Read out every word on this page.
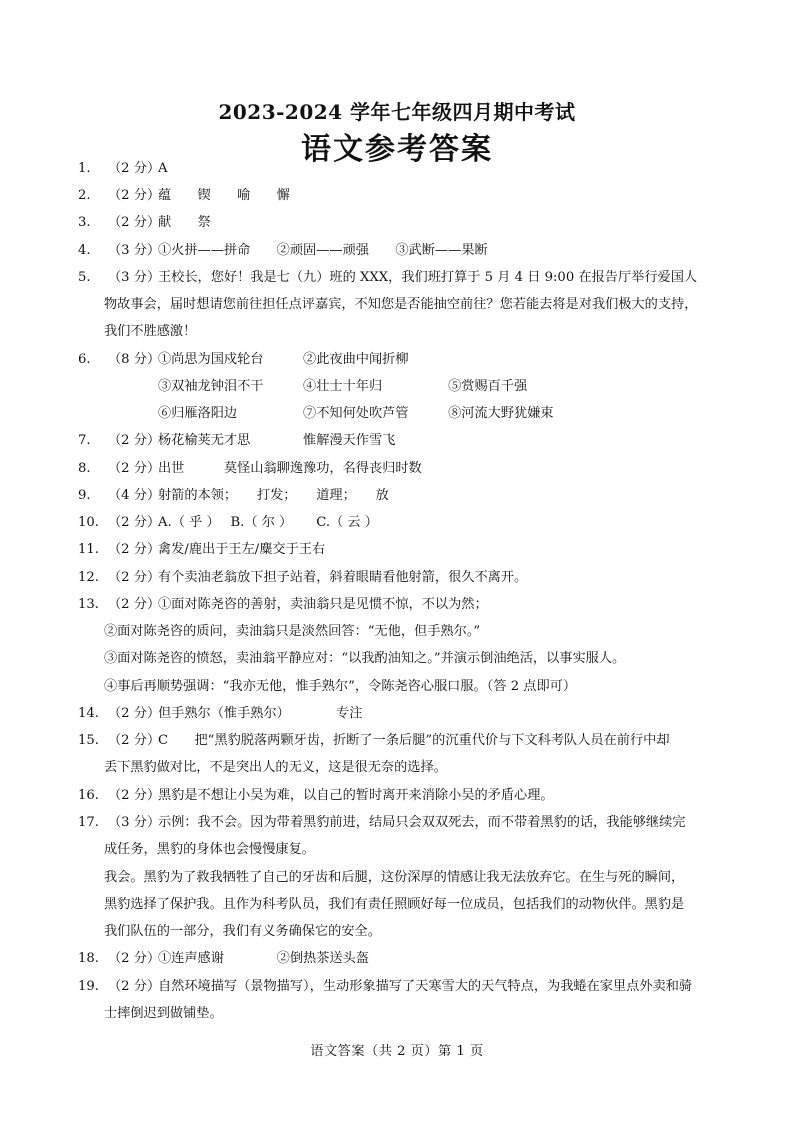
2023-2024 学年七年级四月期中考试
语文参考答案
1. （2 分）
A
2. （2 分）
蕴　　锲　　喻　　懈
3. （2 分）
献　　祭
4. （3 分）
①火拼——拼命　　②顽固——顽强　　③武断——果断
5. （3 分）
王校长，您好！我是七（九）班的 XXX，我们班打算于 5 月 4 日 9:00 在报告厅举行爱国人
物故事会，届时想请您前往担任点评嘉宾，不知您是否能抽空前往？您若能去将是对我们极大的支持，
我们不胜感激！
6. （8 分）
①尚思为国戍轮台　　　②此夜曲中闻折柳
③双袖龙钟泪不干　　　④壮士十年归　　　　　⑤赏赐百千强
⑥归雁洛阳边　　　　　⑦不知何处吹芦管　　　⑧河流大野犹嫌束
7. （2 分）
杨花榆荚无才思　　　　惟解漫天作雪飞
8. （2 分）
出世　　　莫怪山翁聊逸豫功，名得丧归时数
9. （4 分）
射箭的本领；　　打发；　　道理；　　放
10. （2 分）
A.（ 乎 ）　 B.（ 尔 ）　　 C.（ 云 ）
11. （2 分）
禽发/鹿出于王左/麋交于王右
12. （2 分）
有个卖油老翁放下担子站着，斜着眼睛看他射箭，很久不离开。
13. （2 分）
①面对陈尧咨的善射，卖油翁只是见惯不惊，不以为然；
②面对陈尧咨的质问，卖油翁只是淡然回答：“无他，但手熟尔。”
③面对陈尧咨的愤怒，卖油翁平静应对：“以我酌油知之。”并演示倒油绝活，以事实服人。
④事后再顺势强调：“我亦无他，惟手熟尔”，令陈尧咨心服口服。（答 2 点即可）
14. （2 分）
但手熟尔（惟手熟尔）　　　　专注
15. （2 分）
C　　把“黑豹脱落两颗牙齿，折断了一条后腿”的沉重代价与下文科考队人员在前行中却
丢下黑豹做对比，不是突出人的无义，这是很无奈的选择。
16. （2 分）
黑豹是不想让小吴为难，以自己的暂时离开来消除小吴的矛盾心理。
17. （3 分）
示例：我不会。因为带着黑豹前进，结局只会双双死去，而不带着黑豹的话，我能够继续完
成任务，黑豹的身体也会慢慢康复。
我会。黑豹为了救我牺牲了自己的牙齿和后腿，这份深厚的情感让我无法放弃它。在生与死的瞬间，
黑豹选择了保护我。且作为科考队员，我们有责任照顾好每一位成员，包括我们的动物伙伴。黑豹是
我们队伍的一部分，我们有义务确保它的安全。
18. （2 分）
①连声感谢　　　　②倒热茶送头盔
19. （2 分）
自然环境描写（景物描写），生动形象描写了天寒雪大的天气特点，为我蜷在家里点外卖和骑
士摔倒迟到做铺垫。
语文答案（共 2 页）第 1 页
